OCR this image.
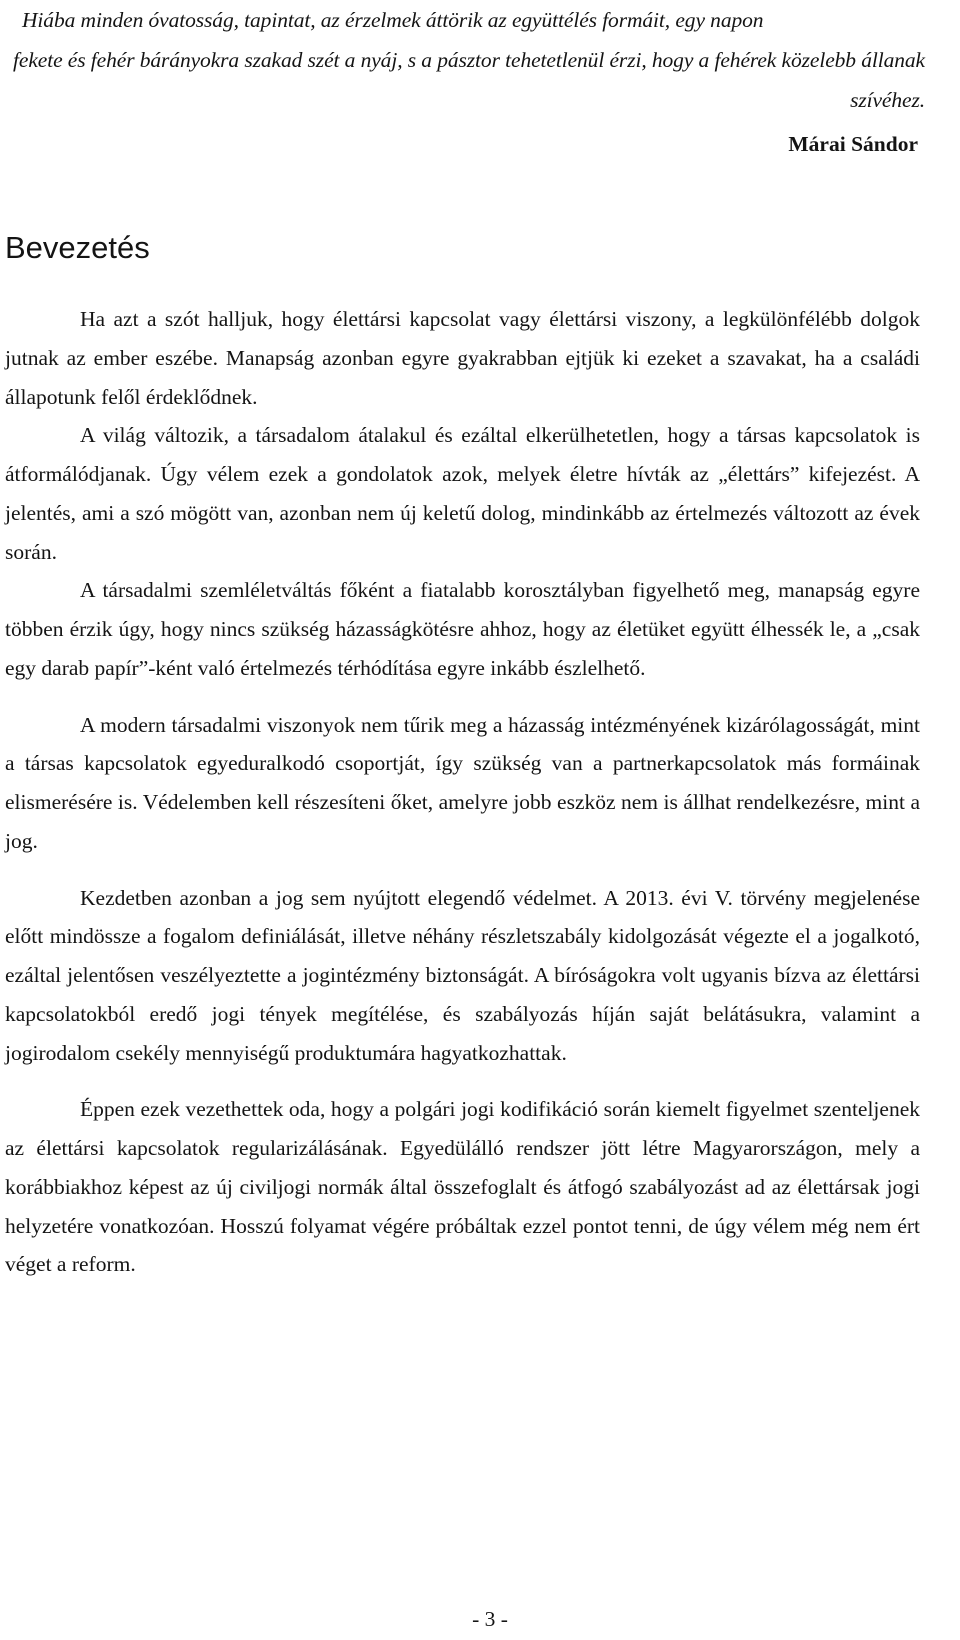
Hiába minden óvatosság, tapintat, az érzelmek áttörik az együttélés formáit, egy napon
fekete és fehér bárányokra szakad szét a nyáj, s a pásztor tehetetlenül érzi, hogy a fehérek közelebb állanak szívéhez.
Márai Sándor
Bevezetés

Ha azt a szót halljuk, hogy élettársi kapcsolat vagy élettársi viszony, a legkülönfélébb dolgok jutnak az ember eszébe. Manapság azonban egyre gyakrabban ejtjük ki ezeket a szavakat, ha a családi állapotunk felől érdeklődnek.

A világ változik, a társadalom átalakul és ezáltal elkerülhetetlen, hogy a társas kapcsolatok is átformálódjanak. Úgy vélem ezek a gondolatok azok, melyek életre hívták az „élettárs” kifejezést. A jelentés, ami a szó mögött van, azonban nem új keletű dolog, mindinkább az értelmezés változott az évek során.

A társadalmi szemléletváltás főként a fiatalabb korosztályban figyelhető meg, manapság egyre többen érzik úgy, hogy nincs szükség házasságkötésre ahhoz, hogy az életüket együtt élhessék le, a „csak egy darab papír”-ként való értelmezés térhódítása egyre inkább észlelhető.

A modern társadalmi viszonyok nem tűrik meg a házasság intézményének kizárólagosságát, mint a társas kapcsolatok egyeduralkodó csoportját, így szükség van a partnerkapcsolatok más formáinak elismerésére is. Védelemben kell részesíteni őket, amelyre jobb eszköz nem is állhat rendelkezésre, mint a jog.

Kezdetben azonban a jog sem nyújtott elegendő védelmet. A 2013. évi V. törvény megjelenése előtt mindössze a fogalom definiálását, illetve néhány részletszabály kidolgozását végezte el a jogalkotó, ezáltal jelentősen veszélyeztette a jogintézmény biztonságát. A bíróságokra volt ugyanis bízva az élettársi kapcsolatokból eredő jogi tények megítélése, és szabályozás híján saját belátásukra, valamint a jogirodalom csekély mennyiségű produktumára hagyatkozhattak.

Éppen ezek vezethettek oda, hogy a polgári jogi kodifikáció során kiemelt figyelmet szenteljenek az élettársi kapcsolatok regularizálásának. Egyedülálló rendszer jött létre Magyarországon, mely a korábbiakhoz képest az új civiljogi normák által összefoglalt és átfogó szabályozást ad az élettársak jogi helyzetére vonatkozóan. Hosszú folyamat végére próbáltak ezzel pontot tenni, de úgy vélem még nem ért véget a reform.

- 3 -
